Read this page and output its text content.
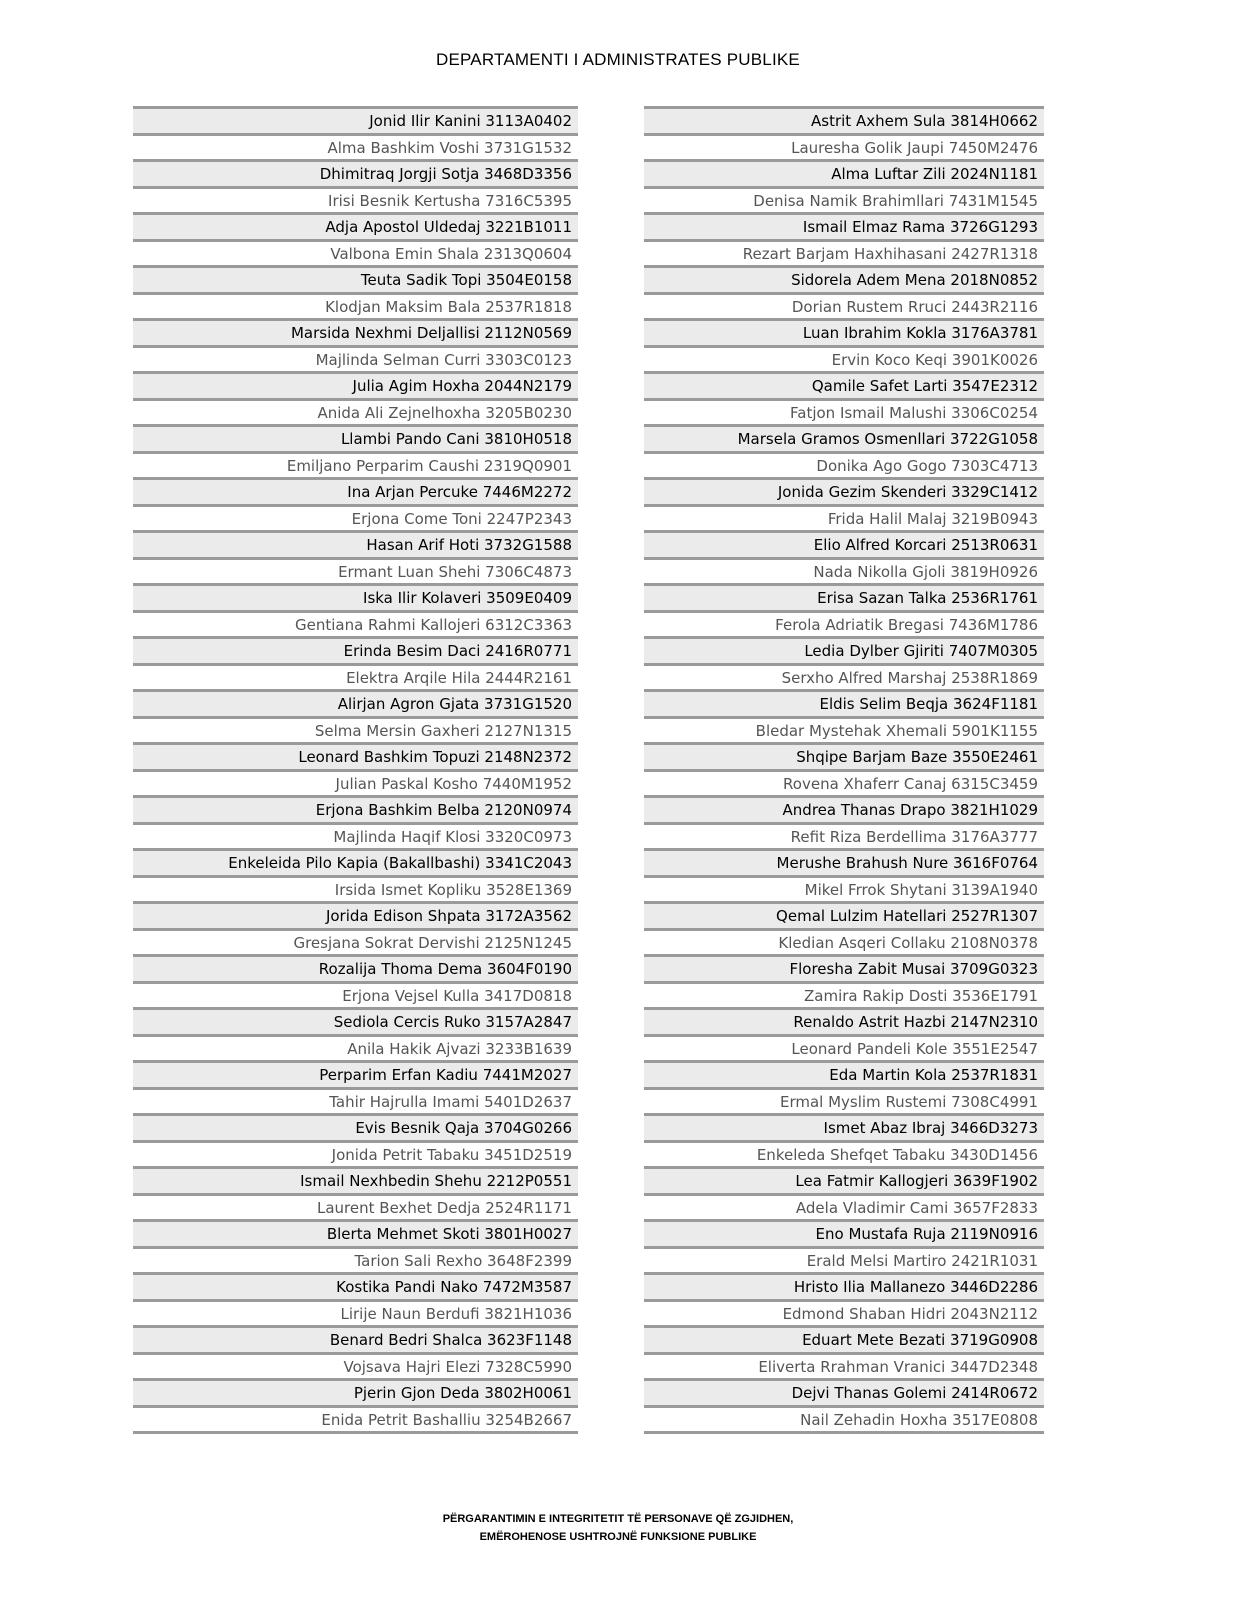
DEPARTAMENTI I ADMINISTRATES PUBLIKE
Jonid Ilir Kanini 3113A0402
Alma Bashkim Voshi 3731G1532
Dhimitraq Jorgji Sotja 3468D3356
Irisi Besnik Kertusha 7316C5395
Adja Apostol Uldedaj 3221B1011
Valbona Emin Shala 2313Q0604
Teuta Sadik Topi 3504E0158
Klodjan Maksim Bala 2537R1818
Marsida Nexhmi Deljallisi 2112N0569
Majlinda Selman Curri 3303C0123
Julia Agim Hoxha 2044N2179
Anida Ali Zejnelhoxha 3205B0230
Llambi Pando Cani 3810H0518
Emiljano Perparim Caushi 2319Q0901
Ina Arjan Percuke 7446M2272
Erjona Come Toni 2247P2343
Hasan Arif Hoti 3732G1588
Ermant Luan Shehi 7306C4873
Iska Ilir Kolaveri 3509E0409
Gentiana Rahmi Kallojeri 6312C3363
Erinda Besim Daci 2416R0771
Elektra Arqile Hila 2444R2161
Alirjan Agron Gjata 3731G1520
Selma Mersin Gaxheri 2127N1315
Leonard Bashkim Topuzi 2148N2372
Julian Paskal Kosho 7440M1952
Erjona Bashkim Belba 2120N0974
Majlinda Haqif Klosi 3320C0973
Enkeleida Pilo Kapia (Bakallbashi) 3341C2043
Irsida Ismet Kopliku 3528E1369
Jorida Edison Shpata 3172A3562
Gresjana Sokrat Dervishi 2125N1245
Rozalija Thoma Dema 3604F0190
Erjona Vejsel Kulla 3417D0818
Sediola Cercis Ruko 3157A2847
Anila Hakik Ajvazi 3233B1639
Perparim Erfan Kadiu 7441M2027
Tahir Hajrulla Imami 5401D2637
Evis Besnik Qaja 3704G0266
Jonida Petrit Tabaku 3451D2519
Ismail Nexhbedin Shehu 2212P0551
Laurent Bexhet Dedja 2524R1171
Blerta Mehmet Skoti 3801H0027
Tarion Sali Rexho 3648F2399
Kostika Pandi Nako 7472M3587
Lirije Naun Berdufi 3821H1036
Benard Bedri Shalca 3623F1148
Vojsava Hajri Elezi 7328C5990
Pjerin Gjon Deda 3802H0061
Enida Petrit Bashalliu 3254B2667
Astrit Axhem Sula 3814H0662
Lauresha Golik Jaupi 7450M2476
Alma Luftar Zili 2024N1181
Denisa Namik Brahimllari 7431M1545
Ismail Elmaz Rama 3726G1293
Rezart Barjam Haxhihasani 2427R1318
Sidorela Adem Mena 2018N0852
Dorian Rustem Rruci 2443R2116
Luan Ibrahim Kokla 3176A3781
Ervin Koco Keqi 3901K0026
Qamile Safet Larti 3547E2312
Fatjon Ismail Malushi 3306C0254
Marsela Gramos Osmenllari 3722G1058
Donika Ago Gogo 7303C4713
Jonida Gezim Skenderi 3329C1412
Frida Halil Malaj 3219B0943
Elio Alfred Korcari 2513R0631
Nada Nikolla Gjoli 3819H0926
Erisa Sazan Talka 2536R1761
Ferola Adriatik Bregasi 7436M1786
Ledia Dylber Gjiriti 7407M0305
Serxho Alfred Marshaj 2538R1869
Eldis Selim Beqja 3624F1181
Bledar Mystehak Xhemali 5901K1155
Shqipe Barjam Baze 3550E2461
Rovena Xhaferr Canaj 6315C3459
Andrea Thanas Drapo 3821H1029
Refit Riza Berdellima 3176A3777
Merushe Brahush Nure 3616F0764
Mikel Frrok Shytani 3139A1940
Qemal Lulzim Hatellari 2527R1307
Kledian Asqeri Collaku 2108N0378
Floresha Zabit Musai 3709G0323
Zamira Rakip Dosti 3536E1791
Renaldo Astrit Hazbi 2147N2310
Leonard Pandeli Kole 3551E2547
Eda Martin Kola 2537R1831
Ermal Myslim Rustemi 7308C4991
Ismet Abaz Ibraj 3466D3273
Enkeleda Shefqet Tabaku 3430D1456
Lea Fatmir Kallogjeri 3639F1902
Adela Vladimir Cami 3657F2833
Eno Mustafa Ruja 2119N0916
Erald Melsi Martiro 2421R1031
Hristo Ilia Mallanezo 3446D2286
Edmond Shaban Hidri 2043N2112
Eduart Mete Bezati 3719G0908
Eliverta Rrahman Vranici 3447D2348
Dejvi Thanas Golemi 2414R0672
Nail Zehadin Hoxha 3517E0808
PËRGARANTIMIN E INTEGRITETIT TË PERSONAVE QË ZGJIDHEN,
EMËROHENOSE USHTROJNË FUNKSIONE PUBLIKE
